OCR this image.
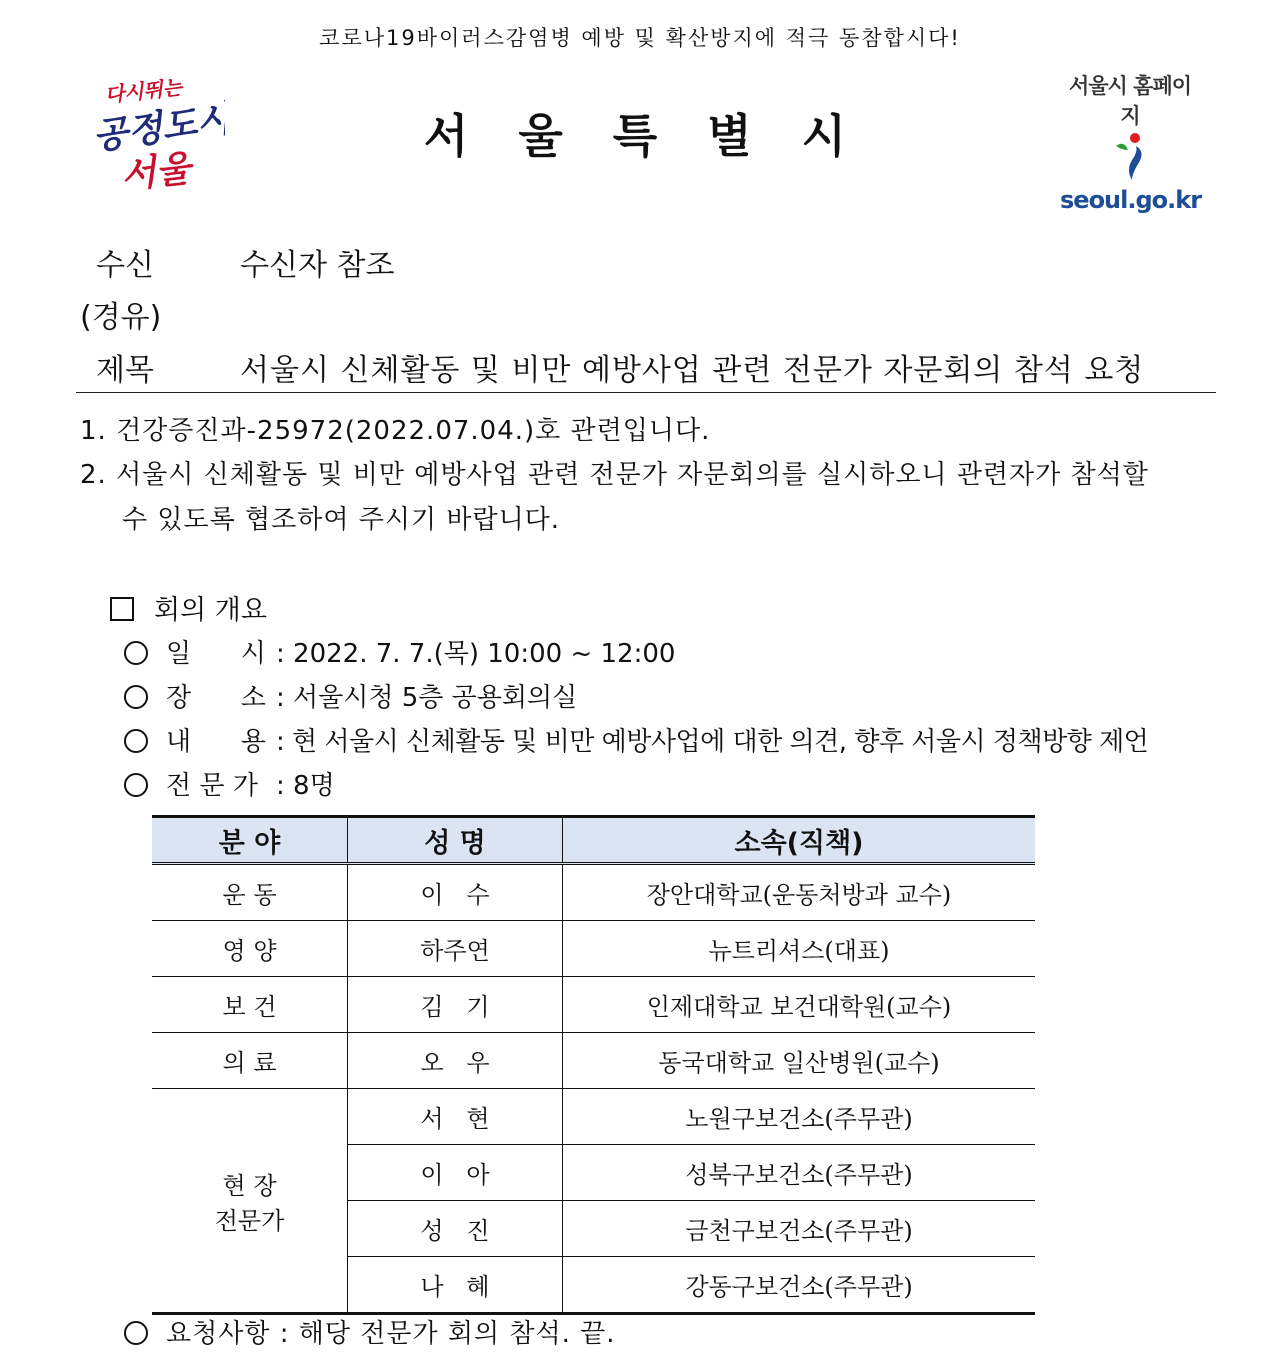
코로나19바이러스감염병 예방 및 확산방지에 적극 동참합시다!
다시뛰는
공정도시
서울
서울특별시
서울시 홈페이지
seoul.go.kr
수신	수신자 참조
(경유)
제목	서울시 신체활동 및 비만 예방사업 관련 전문가 자문회의 참석 요청
1. 건강증진과-25972(2022.07.04.)호 관련입니다.
2. 서울시 신체활동 및 비만 예방사업 관련 전문가 자문회의를 실시하오니 관련자가 참석할
수 있도록 협조하여 주시기 바랍니다.
회의 개요
일      시 : 2022. 7. 7.(목) 10:00 ~ 12:00
장      소 : 서울시청 5층 공용회의실
내      용 : 현 서울시 신체활동 및 비만 예방사업에 대한 의견, 향후 서울시 정책방향 제언
전 문 가 : 8명
분 야	성 명	소속(직책)
운 동	이   수	장안대학교(운동처방과 교수)
영 양	하주연	뉴트리셔스(대표)
보 건	김   기	인제대학교 보건대학원(교수)
의 료	오   우	동국대학교 일산병원(교수)

현 장
전문가	서   현	노원구보건소(주무관)
	이   아	성북구보건소(주무관)
	성   진	금천구보건소(주무관)
	나   혜	강동구보건소(주무관)
요청사항 : 해당 전문가 회의 참석. 끝.
